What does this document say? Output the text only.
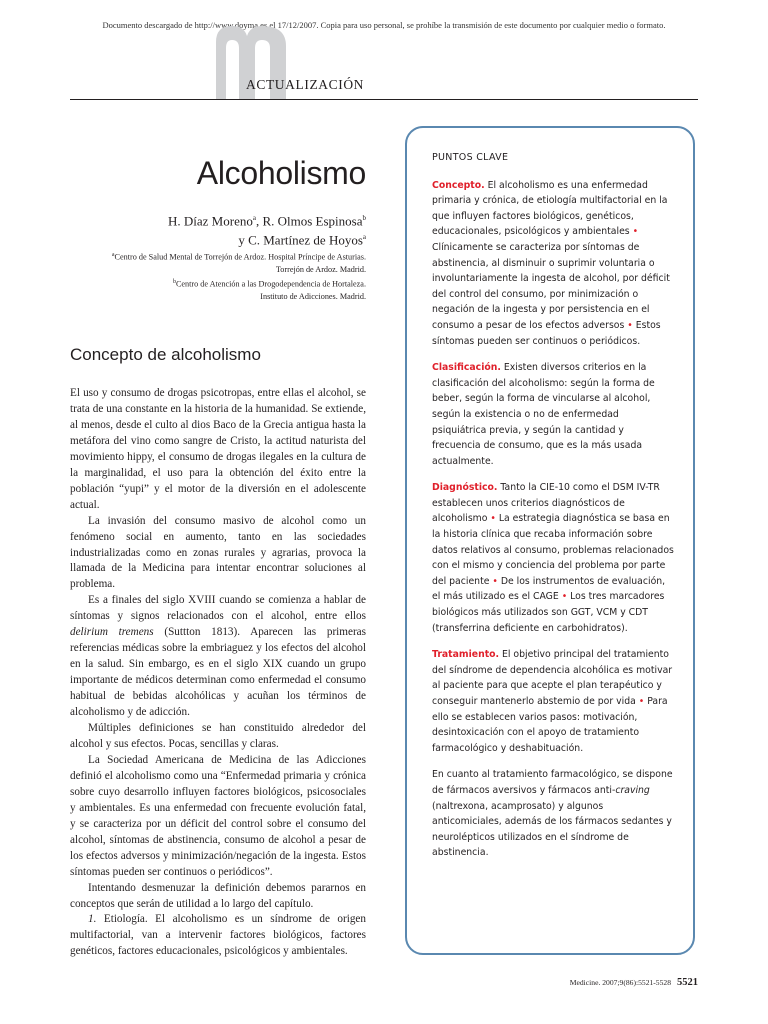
Documento descargado de http://www.doyma.es el 17/12/2007. Copia para uso personal, se prohíbe la transmisión de este documento por cualquier medio o formato.
ACTUALIZACIÓN
Alcoholismo
H. Díaz Moreno$^a$, R. Olmos Espinosa$^b$
y C. Martínez de Hoyos$^a$
$^a$Centro de Salud Mental de Torrejón de Ardoz. Hospital Príncipe de Asturias.
Torrejón de Ardoz. Madrid.
$^b$Centro de Atención a las Drogodependencia de Hortaleza.
Instituto de Adicciones. Madrid.
Concepto de alcoholismo

El uso y consumo de drogas psicotropas, entre ellas el alcohol, se trata de una constante en la historia de la humanidad. Se extiende, al menos, desde el culto al dios Baco de la Grecia antigua hasta la metáfora del vino como sangre de Cristo, la actitud naturista del movimiento hippy, el consumo de drogas ilegales en la cultura de la marginalidad, el uso para la obtención del éxito entre la población “yupi” y el motor de la diversión en el adolescente actual.

La invasión del consumo masivo de alcohol como un fenómeno social en aumento, tanto en las sociedades industrializadas como en zonas rurales y agrarias, provoca la llamada de la Medicina para intentar encontrar soluciones al problema.

Es a finales del siglo XVIII cuando se comienza a hablar de síntomas y signos relacionados con el alcohol, entre ellos delirium tremens (Suttton 1813). Aparecen las primeras referencias médicas sobre la embriaguez y los efectos del alcohol en la salud. Sin embargo, es en el siglo XIX cuando un grupo importante de médicos determinan como enfermedad el consumo habitual de bebidas alcohólicas y acuñan los términos de alcoholismo y de adicción.

Múltiples definiciones se han constituido alrededor del alcohol y sus efectos. Pocas, sencillas y claras.

La Sociedad Americana de Medicina de las Adicciones definió el alcoholismo como una “Enfermedad primaria y crónica sobre cuyo desarrollo influyen factores biológicos, psicosociales y ambientales. Es una enfermedad con frecuente evolución fatal, y se caracteriza por un déficit del control sobre el consumo del alcohol, síntomas de abstinencia, consumo de alcohol a pesar de los efectos adversos y minimización/negación de la ingesta. Estos síntomas pueden ser continuos o periódicos”.

Intentando desmenuzar la definición debemos pararnos en conceptos que serán de utilidad a lo largo del capítulo.

1. Etiología. El alcoholismo es un síndrome de origen multifactorial, van a intervenir factores biológicos, factores genéticos, factores educacionales, psicológicos y ambientales.

PUNTOS CLAVE

Concepto. El alcoholismo es una enfermedad primaria y crónica, de etiología multifactorial en la que influyen factores biológicos, genéticos, educacionales, psicológicos y ambientales • Clínicamente se caracteriza por síntomas de abstinencia, al disminuir o suprimir voluntaria o involuntariamente la ingesta de alcohol, por déficit del control del consumo, por minimización o negación de la ingesta y por persistencia en el consumo a pesar de los efectos adversos • Estos síntomas pueden ser continuos o periódicos.

Clasificación. Existen diversos criterios en la clasificación del alcoholismo: según la forma de beber, según la forma de vincularse al alcohol, según la existencia o no de enfermedad psiquiátrica previa, y según la cantidad y frecuencia de consumo, que es la más usada actualmente.

Diagnóstico. Tanto la CIE-10 como el DSM IV-TR establecen unos criterios diagnósticos de alcoholismo • La estrategia diagnóstica se basa en la historia clínica que recaba información sobre datos relativos al consumo, problemas relacionados con el mismo y conciencia del problema por parte del paciente • De los instrumentos de evaluación, el más utilizado es el CAGE • Los tres marcadores biológicos más utilizados son GGT, VCM y CDT (transferrina deficiente en carbohidratos).

Tratamiento. El objetivo principal del tratamiento del síndrome de dependencia alcohólica es motivar al paciente para que acepte el plan terapéutico y conseguir mantenerlo abstemio de por vida • Para ello se establecen varios pasos: motivación, desintoxicación con el apoyo de tratamiento farmacológico y deshabituación.

En cuanto al tratamiento farmacológico, se dispone de fármacos aversivos y fármacos anti-craving (naltrexona, acamprosato) y algunos anticomiciales, además de los fármacos sedantes y neurolépticos utilizados en el síndrome de abstinencia.

Medicine. 2007;9(86):5521-5528 5521
